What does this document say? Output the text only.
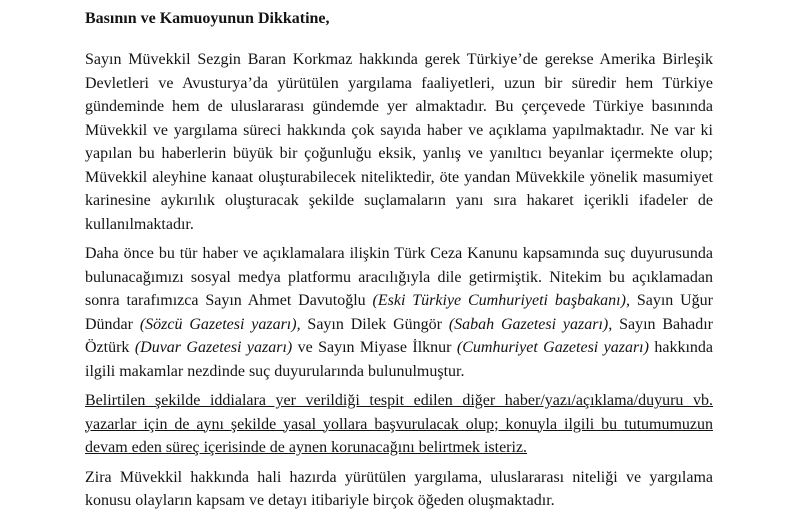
Basının ve Kamuoyunun Dikkatine,

Sayın Müvekkil Sezgin Baran Korkmaz hakkında gerek Türkiye’de gerekse Amerika Birleşik Devletleri ve Avusturya’da yürütülen yargılama faaliyetleri, uzun bir süredir hem Türkiye gündeminde hem de uluslararası gündemde yer almaktadır. Bu çerçevede Türkiye basınında Müvekkil ve yargılama süreci hakkında çok sayıda haber ve açıklama yapılmaktadır. Ne var ki yapılan bu haberlerin büyük bir çoğunluğu eksik, yanlış ve yanıltıcı beyanlar içermekte olup; Müvekkil aleyhine kanaat oluşturabilecek niteliktedir, öte yandan Müvekkile yönelik masumiyet karinesine aykırılık oluşturacak şekilde suçlamaların yanı sıra hakaret içerikli ifadeler de kullanılmaktadır.

Daha önce bu tür haber ve açıklamalara ilişkin Türk Ceza Kanunu kapsamında suç duyurusunda bulunacağımızı sosyal medya platformu aracılığıyla dile getirmiştik. Nitekim bu açıklamadan sonra tarafımızca Sayın Ahmet Davutoğlu (Eski Türkiye Cumhuriyeti başbakanı), Sayın Uğur Dündar (Sözcü Gazetesi yazarı), Sayın Dilek Güngör (Sabah Gazetesi yazarı), Sayın Bahadır Öztürk (Duvar Gazetesi yazarı) ve Sayın Miyase İlknur (Cumhuriyet Gazetesi yazarı) hakkında ilgili makamlar nezdinde suç duyurularında bulunulmuştur.

Belirtilen şekilde iddialara yer verildiği tespit edilen diğer haber/yazı/açıklama/duyuru vb. yazarlar için de aynı şekilde yasal yollara başvurulacak olup; konuyla ilgili bu tutumumuzun devam eden süreç içerisinde de aynen korunacağını belirtmek isteriz.

Zira Müvekkil hakkında hali hazırda yürütülen yargılama, uluslararası niteliği ve yargılama konusu olayların kapsam ve detayı itibariyle birçok öğeden oluşmaktadır.
